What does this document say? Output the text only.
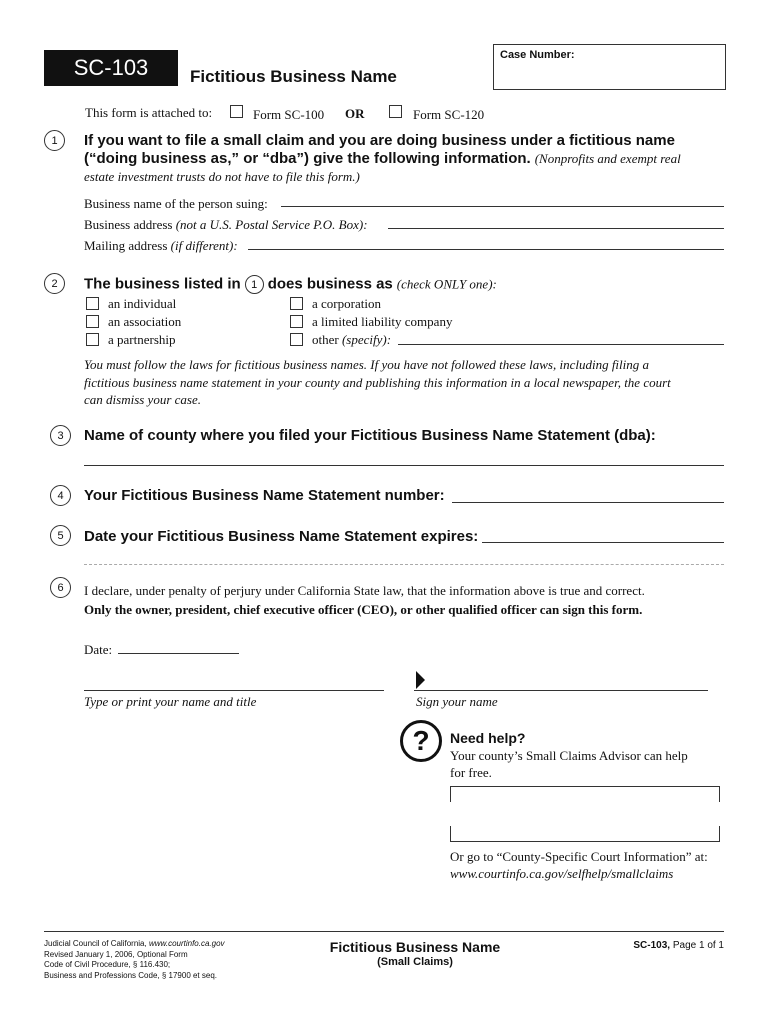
SC-103	Fictitious Business Name
Case Number:
This form is attached to:	Form SC-100 OR	Form SC-120
1	If you want to file a small claim and you are doing business under a fictitious name
(“doing business as,” or “dba”) give the following information. (Nonprofits and exempt real
estate investment trusts do not have to file this form.)
Business name of the person suing:
Business address (not a U.S. Postal Service P.O. Box):
Mailing address (if different):
2	The business listed in 1 does business as (check ONLY one):
an individual
an association
a partnership
a corporation
a limited liability company
other (specify):
You must follow the laws for fictitious business names. If you have not followed these laws, including filing a
fictitious business name statement in your county and publishing this information in a local newspaper, the court
can dismiss your case.
3	Name of county where you filed your Fictitious Business Name Statement (dba):
4	Your Fictitious Business Name Statement number:
5	Date your Fictitious Business Name Statement expires:
6	I declare, under penalty of perjury under California State law, that the information above is true and correct.
Only the owner, president, chief executive officer (CEO), or other qualified officer can sign this form.
Date:
Type or print your name and title	Sign your name
?	Need help?
Your county’s Small Claims Advisor can help
for free.
Or go to “County-Specific Court Information” at:
www.courtinfo.ca.gov/selfhelp/smallclaims
Judicial Council of California, www.courtinfo.ca.gov
Revised January 1, 2006, Optional Form
Code of Civil Procedure, § 116.430;
Business and Professions Code, § 17900 et seq.
Fictitious Business Name
(Small Claims)
SC-103, Page 1 of 1
